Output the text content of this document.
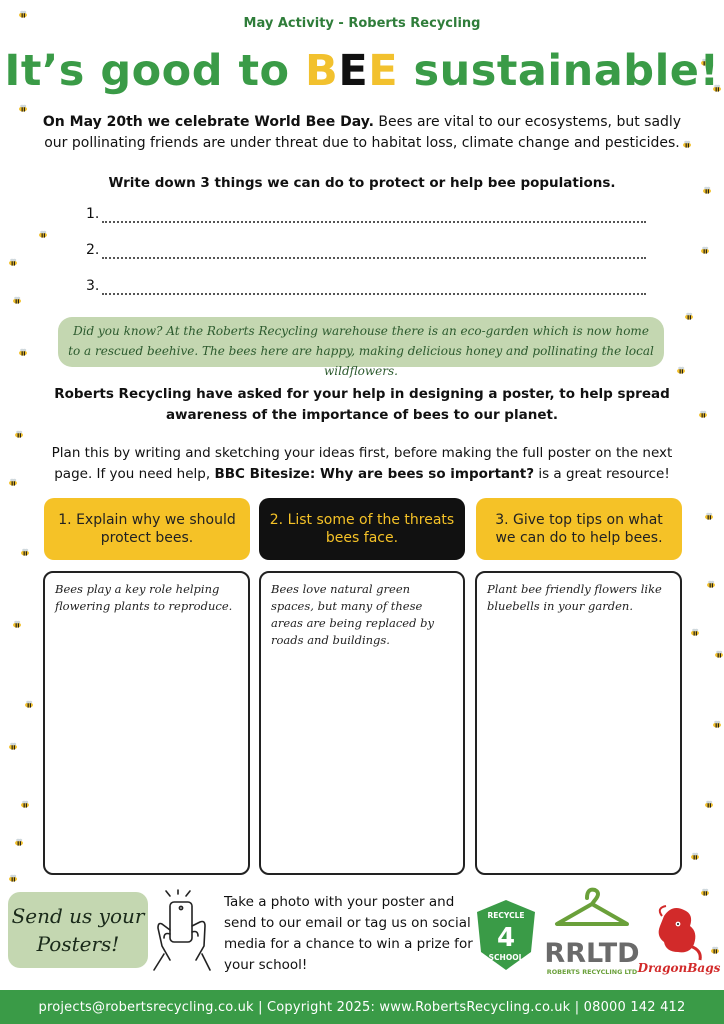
May Activity - Roberts Recycling
It’s good to BEE sustainable!
On May 20th we celebrate World Bee Day. Bees are vital to our ecosystems, but sadly our pollinating friends are under threat due to habitat loss, climate change and pesticides.
Write down 3 things we can do to protect or help bee populations.
1.
2.
3.
Did you know? At the Roberts Recycling warehouse there is an eco-garden which is now home to a rescued beehive. The bees here are happy, making delicious honey and pollinating the local wildflowers.
Roberts Recycling have asked for your help in designing a poster, to help spread awareness of the importance of bees to our planet.
Plan this by writing and sketching your ideas first, before making the full poster on the next page. If you need help, BBC Bitesize: Why are bees so important? is a great resource!
1. Explain why we should protect bees.
2. List some of the threats bees face.
3. Give top tips on what we can do to help bees.
Bees play a key role helping flowering plants to reproduce.
Bees love natural green spaces, but many of these areas are being replaced by roads and buildings.
Plant bee friendly flowers like bluebells in your garden.
Send us your
Posters!
Take a photo with your poster and send to our email or tag us on social media for a chance to win a prize for your school!
RECYCLE
4
SCHOOL RRLTD
ROBERTS RECYCLING LTD DragonBags
projects@robertsrecycling.co.uk | Copyright 2025: www.RobertsRecycling.co.uk | 08000 142 412
